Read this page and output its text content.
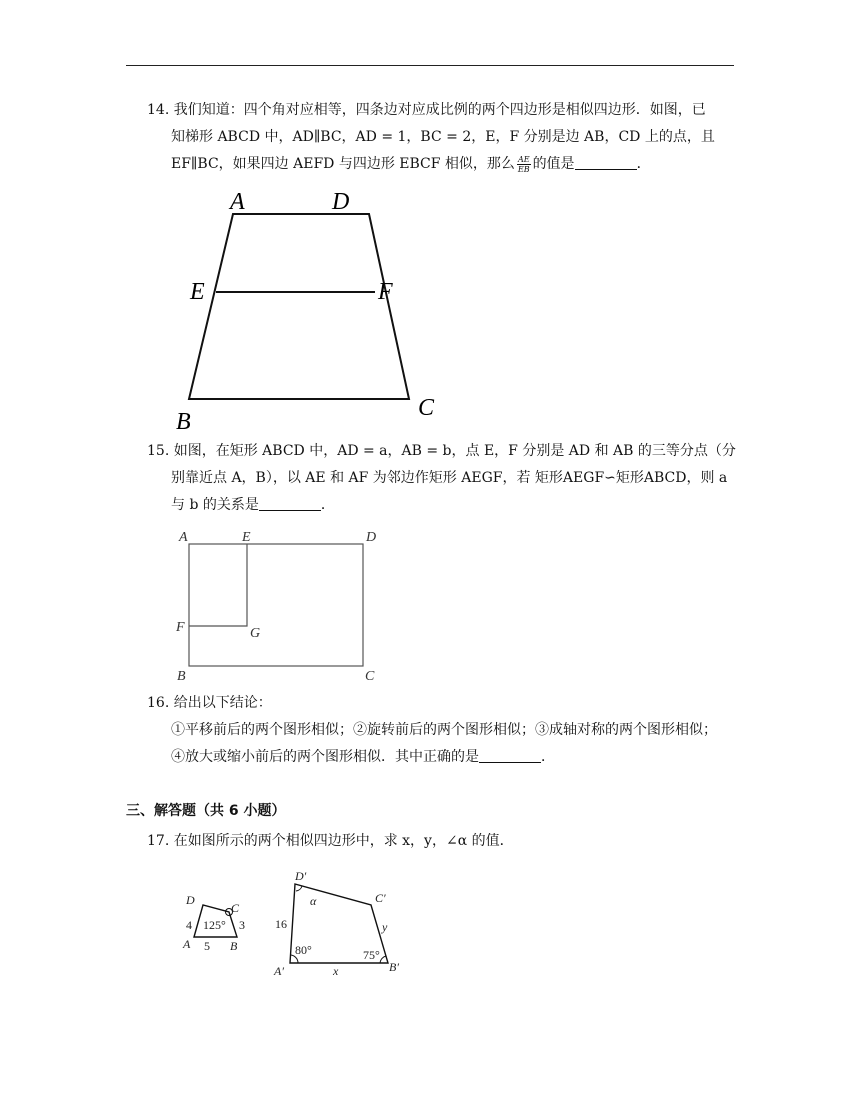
14. 我们知道：四个角对应相等，四条边对应成比例的两个四边形是相似四边形．如图，已
知梯形 ABCD 中，AD∥BC，AD = 1，BC = 2，E，F 分别是边 AB，CD 上的点，且
EF∥BC，如果四边 AEFD 与四边形 EBCF 相似，那么 $\frac{AE}{EB}$ 的值是	．
A	D
E	F
B
C
15. 如图，在矩形 ABCD 中，AD = a，AB = b，点 E，F 分别是 AD 和 AB 的三等分点（分
别靠近点 A，B），以 AE 和 AF 为邻边作矩形 AEGF，若 矩形AEGF∽矩形ABCD，则 a
与 b 的关系是	．
A	E	D
F	G
B	C
16. 给出以下结论：
①平移前后的两个图形相似；②旋转前后的两个图形相似；③成轴对称的两个图形相似；
④放大或缩小前后的两个图形相似．其中正确的是	．
三、解答题（共 6 小题）
17. 在如图所示的两个相似四边形中，求 x，y，∠α 的值．
D
C
A	B
4	3
5
125°
D′
C′
A′	B′
16	y
x
α
80°	75°
